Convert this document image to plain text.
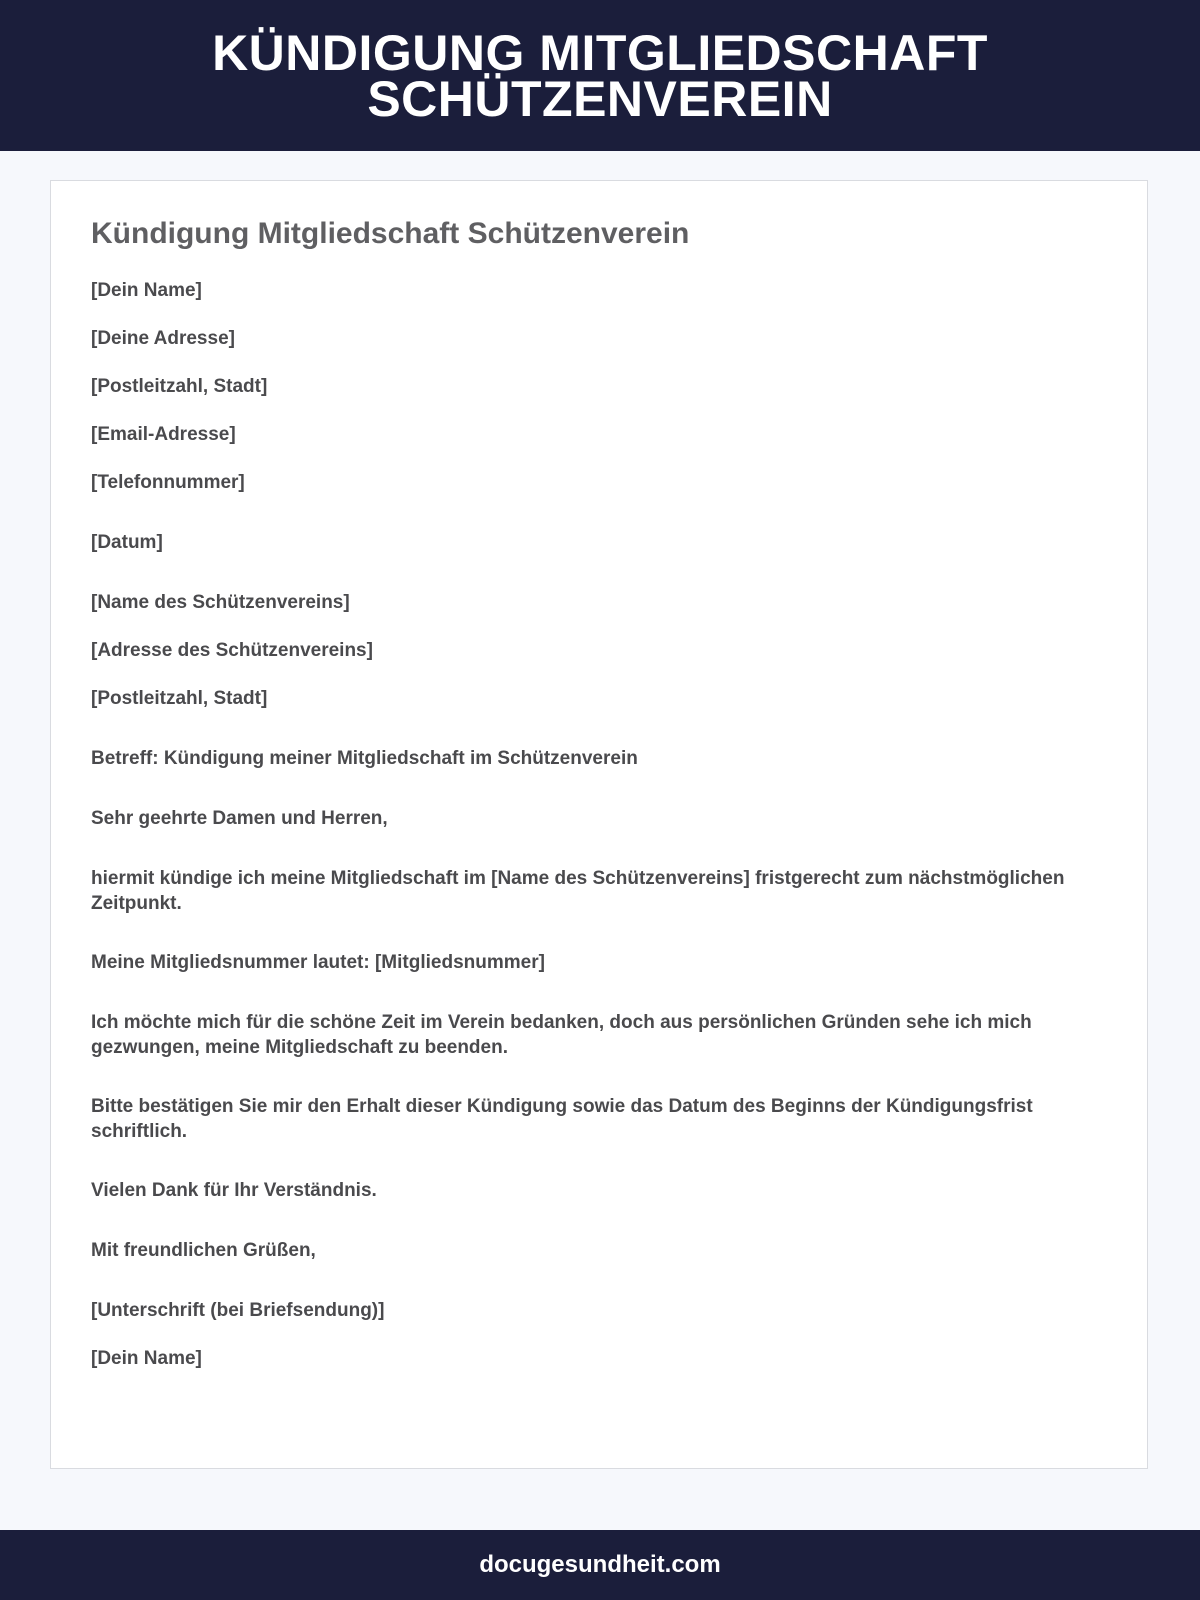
KÜNDIGUNG MITGLIEDSCHAFT
SCHÜTZENVEREIN
Kündigung Mitgliedschaft Schützenverein

[Dein Name]

[Deine Adresse]

[Postleitzahl, Stadt]

[Email-Adresse]

[Telefonnummer]

[Datum]

[Name des Schützenvereins]

[Adresse des Schützenvereins]

[Postleitzahl, Stadt]

Betreff: Kündigung meiner Mitgliedschaft im Schützenverein

Sehr geehrte Damen und Herren,

hiermit kündige ich meine Mitgliedschaft im [Name des Schützenvereins] fristgerecht zum nächstmöglichen Zeitpunkt.

Meine Mitgliedsnummer lautet: [Mitgliedsnummer]

Ich möchte mich für die schöne Zeit im Verein bedanken, doch aus persönlichen Gründen sehe ich mich gezwungen, meine Mitgliedschaft zu beenden.

Bitte bestätigen Sie mir den Erhalt dieser Kündigung sowie das Datum des Beginns der Kündigungsfrist schriftlich.

Vielen Dank für Ihr Verständnis.

Mit freundlichen Grüßen,

[Unterschrift (bei Briefsendung)]

[Dein Name]

docugesundheit.com
